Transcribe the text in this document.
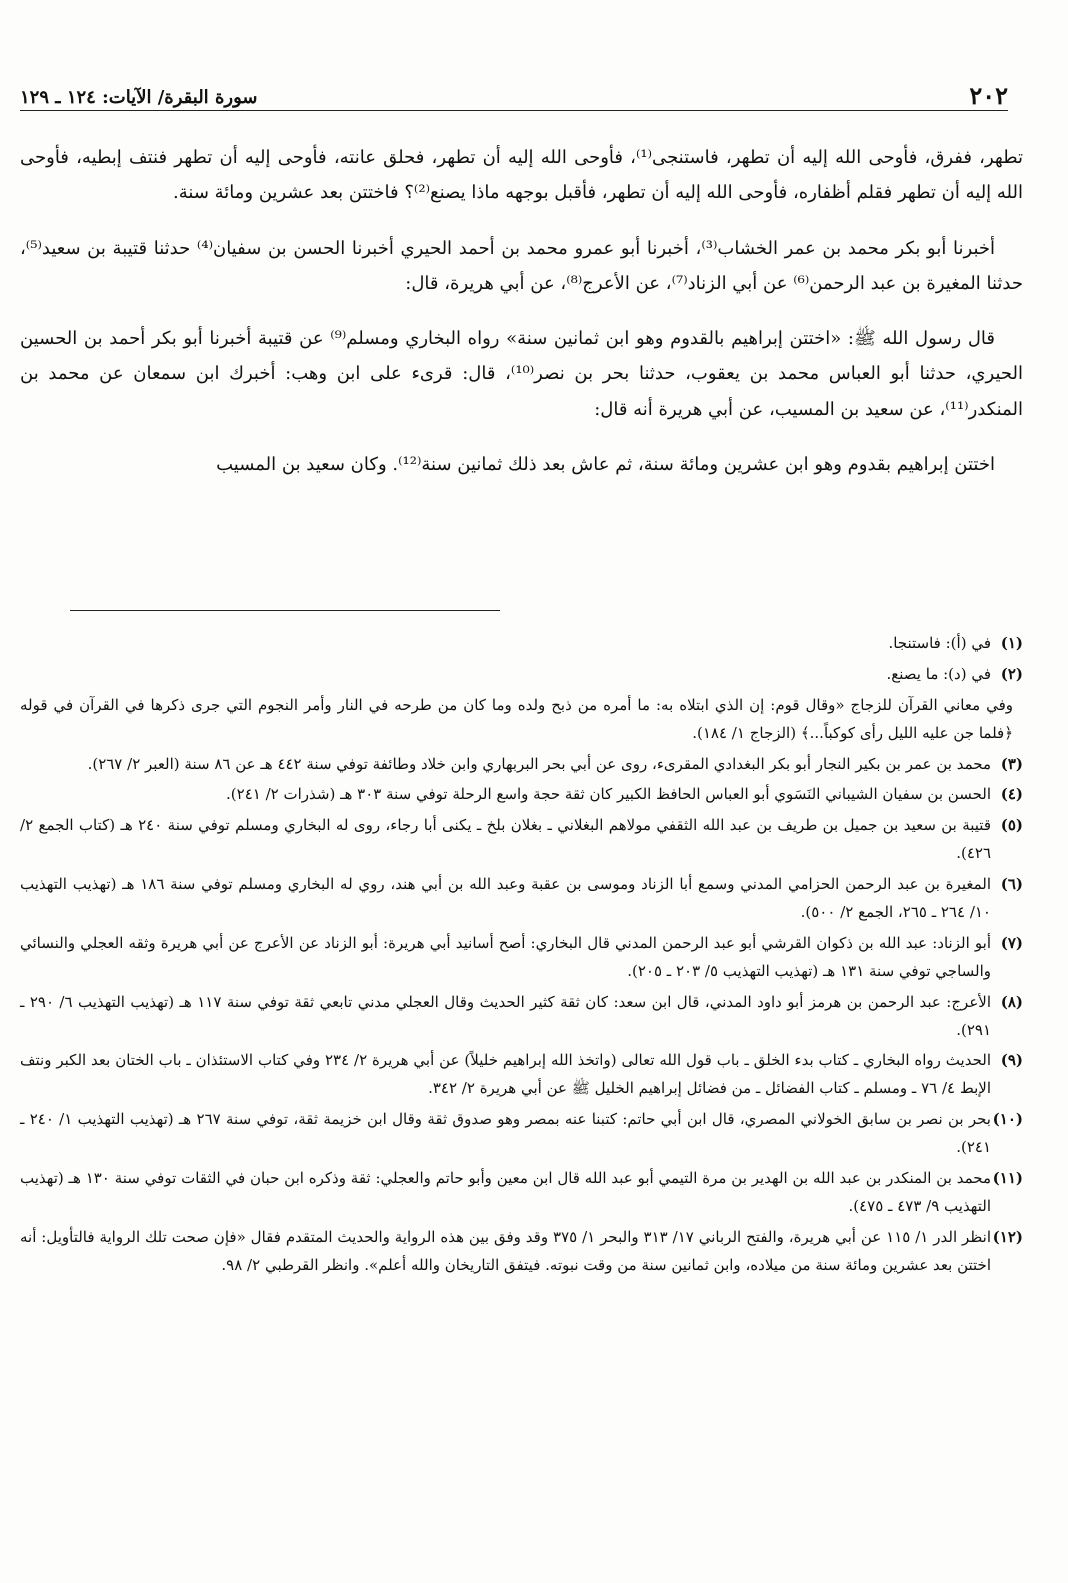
٢٠٢
سورة البقرة/ الآيات: ١٢٤ ـ ١٢٩

تطهر، ففرق، فأوحى الله إليه أن تطهر، فاستنجى⁽¹⁾، فأوحى الله إليه أن تطهر، فحلق عانته، فأوحى إليه أن تطهر فنتف إبطيه، فأوحى الله إليه أن تطهر فقلم أظفاره، فأوحى الله إليه أن تطهر، فأقبل بوجهه ماذا يصنع⁽²⁾؟ فاختتن بعد عشرين ومائة سنة.

أخبرنا أبو بكر محمد بن عمر الخشاب⁽³⁾، أخبرنا أبو عمرو محمد بن أحمد الحيري أخبرنا الحسن بن سفيان⁽⁴⁾ حدثنا قتيبة بن سعيد⁽⁵⁾، حدثنا المغيرة بن عبد الرحمن⁽⁶⁾ عن أبي الزناد⁽⁷⁾، عن الأعرج⁽⁸⁾، عن أبي هريرة، قال:

قال رسول الله ﷺ: «اختتن إبراهيم بالقدوم وهو ابن ثمانين سنة» رواه البخاري ومسلم⁽⁹⁾ عن قتيبة أخبرنا أبو بكر أحمد بن الحسين الحيري، حدثنا أبو العباس محمد بن يعقوب، حدثنا بحر بن نصر⁽¹⁰⁾، قال: قرىء على ابن وهب: أخبرك ابن سمعان عن محمد بن المنكدر⁽¹¹⁾، عن سعيد بن المسيب، عن أبي هريرة أنه قال:

اختتن إبراهيم بقدوم وهو ابن عشرين ومائة سنة، ثم عاش بعد ذلك ثمانين سنة⁽¹²⁾. وكان سعيد بن المسيب

(١)
في (أ): فاستنجا.
(٢)
في (د): ما يصنع.
وفي معاني القرآن للزجاج «وقال قوم: إن الذي ابتلاه به: ما أمره من ذبح ولده وما كان من طرحه في النار وأمر النجوم التي جرى ذكرها في القرآن في قوله ﴿فلما جن عليه الليل رأى كوكباً...﴾ (الزجاج ١/ ١٨٤).
(٣)
محمد بن عمر بن بكير النجار أبو بكر البغدادي المقرىء، روى عن أبي بحر البربهاري وابن خلاد وطائفة توفي سنة ٤٤٢ هـ عن ٨٦ سنة (العبر ٢/ ٢٦٧).
(٤)
الحسن بن سفيان الشيباني النَسَوي أبو العباس الحافظ الكبير كان ثقة حجة واسع الرحلة توفي سنة ٣٠٣ هـ (شذرات ٢/ ٢٤١).
(٥)
قتيبة بن سعيد بن جميل بن طريف بن عبد الله الثقفي مولاهم البغلاني ـ بغلان بلخ ـ يكنى أبا رجاء، روى له البخاري ومسلم توفي سنة ٢٤٠ هـ (كتاب الجمع ٢/ ٤٢٦).
(٦)
المغيرة بن عبد الرحمن الحزامي المدني وسمع أبا الزناد وموسى بن عقبة وعبد الله بن أبي هند، روي له البخاري ومسلم توفي سنة ١٨٦ هـ (تهذيب التهذيب ١٠/ ٢٦٤ ـ ٢٦٥، الجمع ٢/ ٥٠٠).
(٧)
أبو الزناد: عبد الله بن ذكوان القرشي أبو عبد الرحمن المدني قال البخاري: أصح أسانيد أبي هريرة: أبو الزناد عن الأعرج عن أبي هريرة وثقه العجلي والنسائي والساجي توفي سنة ١٣١ هـ (تهذيب التهذيب ٥/ ٢٠٣ ـ ٢٠٥).
(٨)
الأعرج: عبد الرحمن بن هرمز أبو داود المدني، قال ابن سعد: كان ثقة كثير الحديث وقال العجلي مدني تابعي ثقة توفي سنة ١١٧ هـ (تهذيب التهذيب ٦/ ٢٩٠ ـ ٢٩١).
(٩)
الحديث رواه البخاري ـ كتاب بدء الخلق ـ باب قول الله تعالى (واتخذ الله إبراهيم خليلاً) عن أبي هريرة ٢/ ٢٣٤ وفي كتاب الاستئذان ـ باب الختان بعد الكبر ونتف الإبط ٤/ ٧٦ ـ ومسلم ـ كتاب الفضائل ـ من فضائل إبراهيم الخليل ﷺ عن أبي هريرة ٢/ ٣٤٢.
(١٠)
بحر بن نصر بن سابق الخولاني المصري، قال ابن أبي حاتم: كتبنا عنه بمصر وهو صدوق ثقة وقال ابن خزيمة ثقة، توفي سنة ٢٦٧ هـ (تهذيب التهذيب ١/ ٢٤٠ ـ ٢٤١).
(١١)
محمد بن المنكدر بن عبد الله بن الهدير بن مرة التيمي أبو عبد الله قال ابن معين وأبو حاتم والعجلي: ثقة وذكره ابن حبان في الثقات توفي سنة ١٣٠ هـ (تهذيب التهذيب ٩/ ٤٧٣ ـ ٤٧٥).
(١٢)
انظر الدر ١/ ١١٥ عن أبي هريرة، والفتح الرباني ١٧/ ٣١٣ والبحر ١/ ٣٧٥ وقد وفق بين هذه الرواية والحديث المتقدم فقال «فإن صحت تلك الرواية فالتأويل: أنه اختتن بعد عشرين ومائة سنة من ميلاده، وابن ثمانين سنة من وقت نبوته. فيتفق التاريخان والله أعلم». وانظر القرطبي ٢/ ٩٨.
